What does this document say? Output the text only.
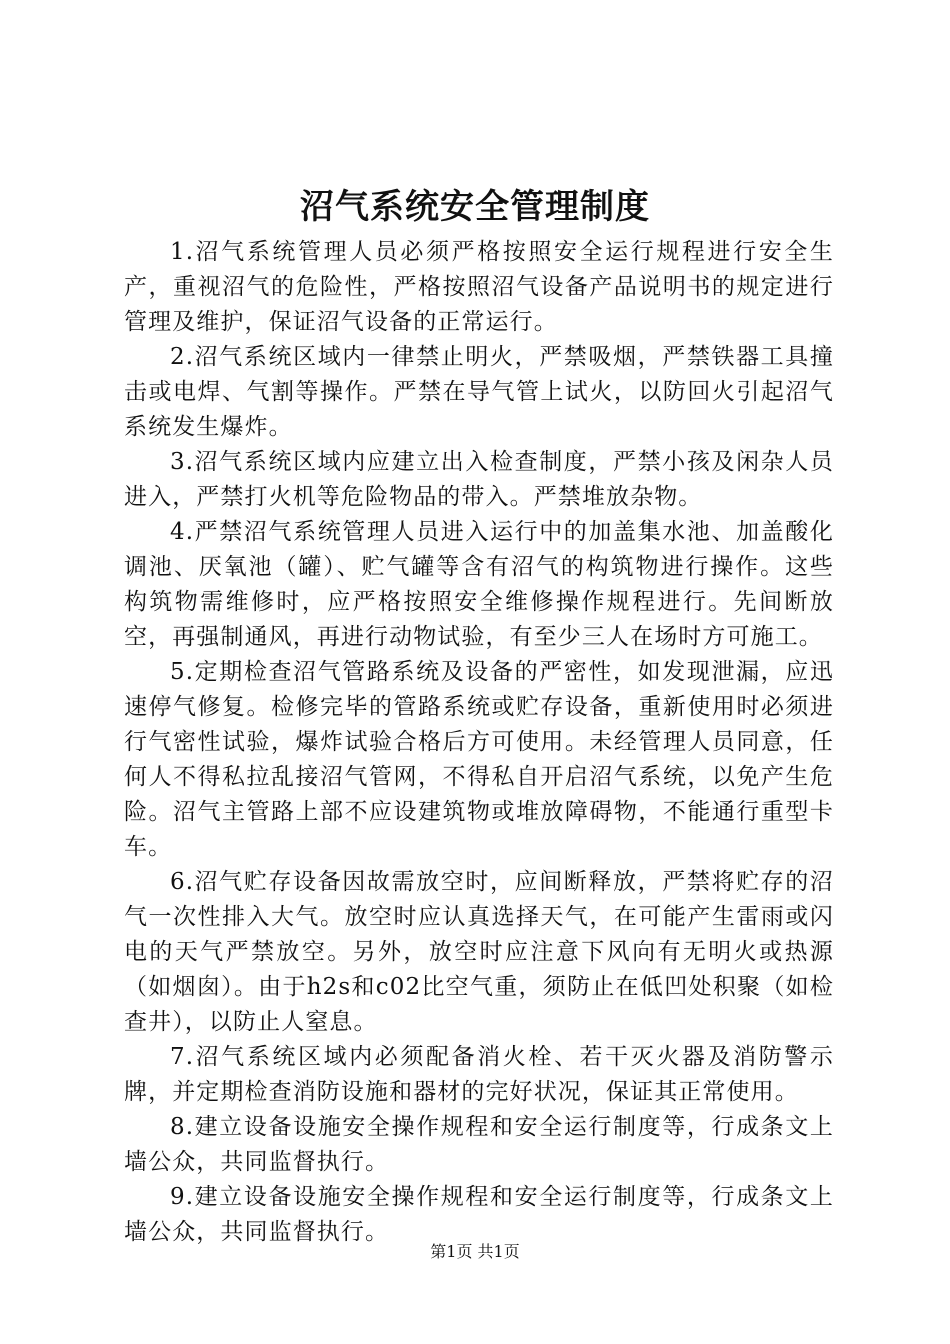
沼气系统安全管理制度

1.沼气系统管理人员必须严格按照安全运行规程进行安全生产，重视沼气的危险性，严格按照沼气设备产品说明书的规定进行管理及维护，保证沼气设备的正常运行。

2.沼气系统区域内一律禁止明火，严禁吸烟，严禁铁器工具撞击或电焊、气割等操作。严禁在导气管上试火，以防回火引起沼气系统发生爆炸。

3.沼气系统区域内应建立出入检查制度，严禁小孩及闲杂人员进入，严禁打火机等危险物品的带入。严禁堆放杂物。

4.严禁沼气系统管理人员进入运行中的加盖集水池、加盖酸化调池、厌氧池（罐）、贮气罐等含有沼气的构筑物进行操作。这些构筑物需维修时，应严格按照安全维修操作规程进行。先间断放空，再强制通风，再进行动物试验，有至少三人在场时方可施工。

5.定期检查沼气管路系统及设备的严密性，如发现泄漏，应迅速停气修复。检修完毕的管路系统或贮存设备，重新使用时必须进行气密性试验，爆炸试验合格后方可使用。未经管理人员同意，任何人不得私拉乱接沼气管网，不得私自开启沼气系统，以免产生危险。沼气主管路上部不应设建筑物或堆放障碍物，不能通行重型卡车。

6.沼气贮存设备因故需放空时，应间断释放，严禁将贮存的沼气一次性排入大气。放空时应认真选择天气，在可能产生雷雨或闪电的天气严禁放空。另外，放空时应注意下风向有无明火或热源（如烟囱）。由于h2s和c02比空气重，须防止在低凹处积聚（如检查井），以防止人窒息。

7.沼气系统区域内必须配备消火栓、若干灭火器及消防警示牌，并定期检查消防设施和器材的完好状况，保证其正常使用。

8.建立设备设施安全操作规程和安全运行制度等，行成条文上墙公众，共同监督执行。

9.建立设备设施安全操作规程和安全运行制度等，行成条文上墙公众，共同监督执行。

第1页 共1页
